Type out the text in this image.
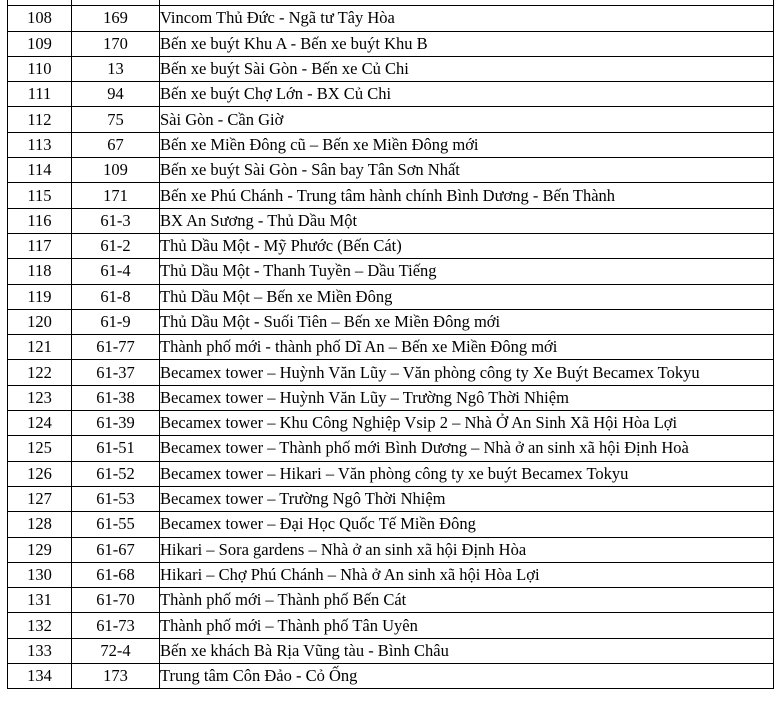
108	169	Vincom Thủ Đức - Ngã tư Tây Hòa
109	170	Bến xe buýt Khu A - Bến xe buýt Khu B
110	13	Bến xe buýt Sài Gòn - Bến xe Củ Chi
111	94	Bến xe buýt Chợ Lớn - BX Củ Chi
112	75	Sài Gòn - Cần Giờ
113	67	Bến xe Miền Đông cũ – Bến xe Miền Đông mới
114	109	Bến xe buýt Sài Gòn - Sân bay Tân Sơn Nhất
115	171	Bến xe Phú Chánh - Trung tâm hành chính Bình Dương - Bến Thành
116	61-3	BX An Sương - Thủ Dầu Một
117	61-2	Thủ Dầu Một - Mỹ Phước (Bến Cát)
118	61-4	Thủ Dầu Một - Thanh Tuyền – Dầu Tiếng
119	61-8	Thủ Dầu Một – Bến xe Miền Đông
120	61-9	Thủ Dầu Một - Suối Tiên – Bến xe Miền Đông mới
121	61-77	Thành phố mới - thành phố Dĩ An – Bến xe Miền Đông mới
122	61-37	Becamex tower – Huỳnh Văn Lũy – Văn phòng công ty Xe Buýt Becamex Tokyu
123	61-38	Becamex tower – Huỳnh Văn Lũy – Trường Ngô Thời Nhiệm
124	61-39	Becamex tower – Khu Công Nghiệp Vsip 2 – Nhà Ở An Sinh Xã Hội Hòa Lợi
125	61-51	Becamex tower – Thành phố mới Bình Dương – Nhà ở an sinh xã hội Định Hoà
126	61-52	Becamex tower – Hikari – Văn phòng công ty xe buýt Becamex Tokyu
127	61-53	Becamex tower – Trường Ngô Thời Nhiệm
128	61-55	Becamex tower – Đại Học Quốc Tế Miền Đông
129	61-67	Hikari – Sora gardens – Nhà ở an sinh xã hội Định Hòa
130	61-68	Hikari – Chợ Phú Chánh – Nhà ở An sinh xã hội Hòa Lợi
131	61-70	Thành phố mới – Thành phố Bến Cát
132	61-73	Thành phố mới – Thành phố Tân Uyên
133	72-4	Bến xe khách Bà Rịa Vũng tàu - Bình Châu
134	173	Trung tâm Côn Đảo - Cỏ Ống
